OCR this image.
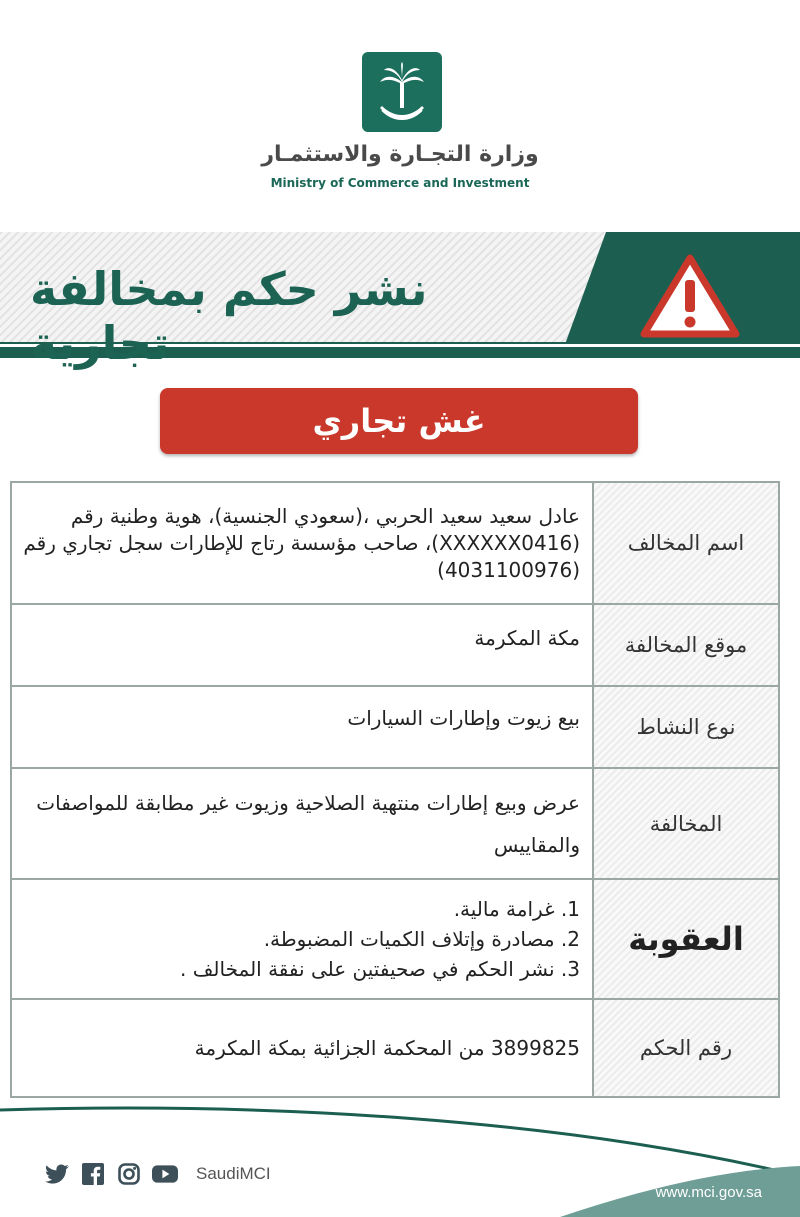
وزارة التجـارة والاستثمـار
Ministry of Commerce and Investment
نشر حكم بمخالفة تجارية
غش تجاري
اسم المخالف	عادل سعيد سعيد الحربي ،(سعودي الجنسية)، هوية وطنية رقم (XXXXXX0416)، صاحب مؤسسة رتاج للإطارات سجل تجاري رقم (4031100976)
موقع المخالفة	مكة المكرمة
نوع النشاط	بيع زيوت وإطارات السيارات
المخالفة	عرض وبيع إطارات منتهية الصلاحية وزيوت غير مطابقة للمواصفات والمقاييس
العقوبة	1. غرامة مالية.
2. مصادرة وإتلاف الكميات المضبوطة.
3. نشر الحكم في صحيفتين على نفقة المخالف .

رقم الحكم	3899825 من المحكمة الجزائية بمكة المكرمة
SaudiMCI
www.mci.gov.sa
